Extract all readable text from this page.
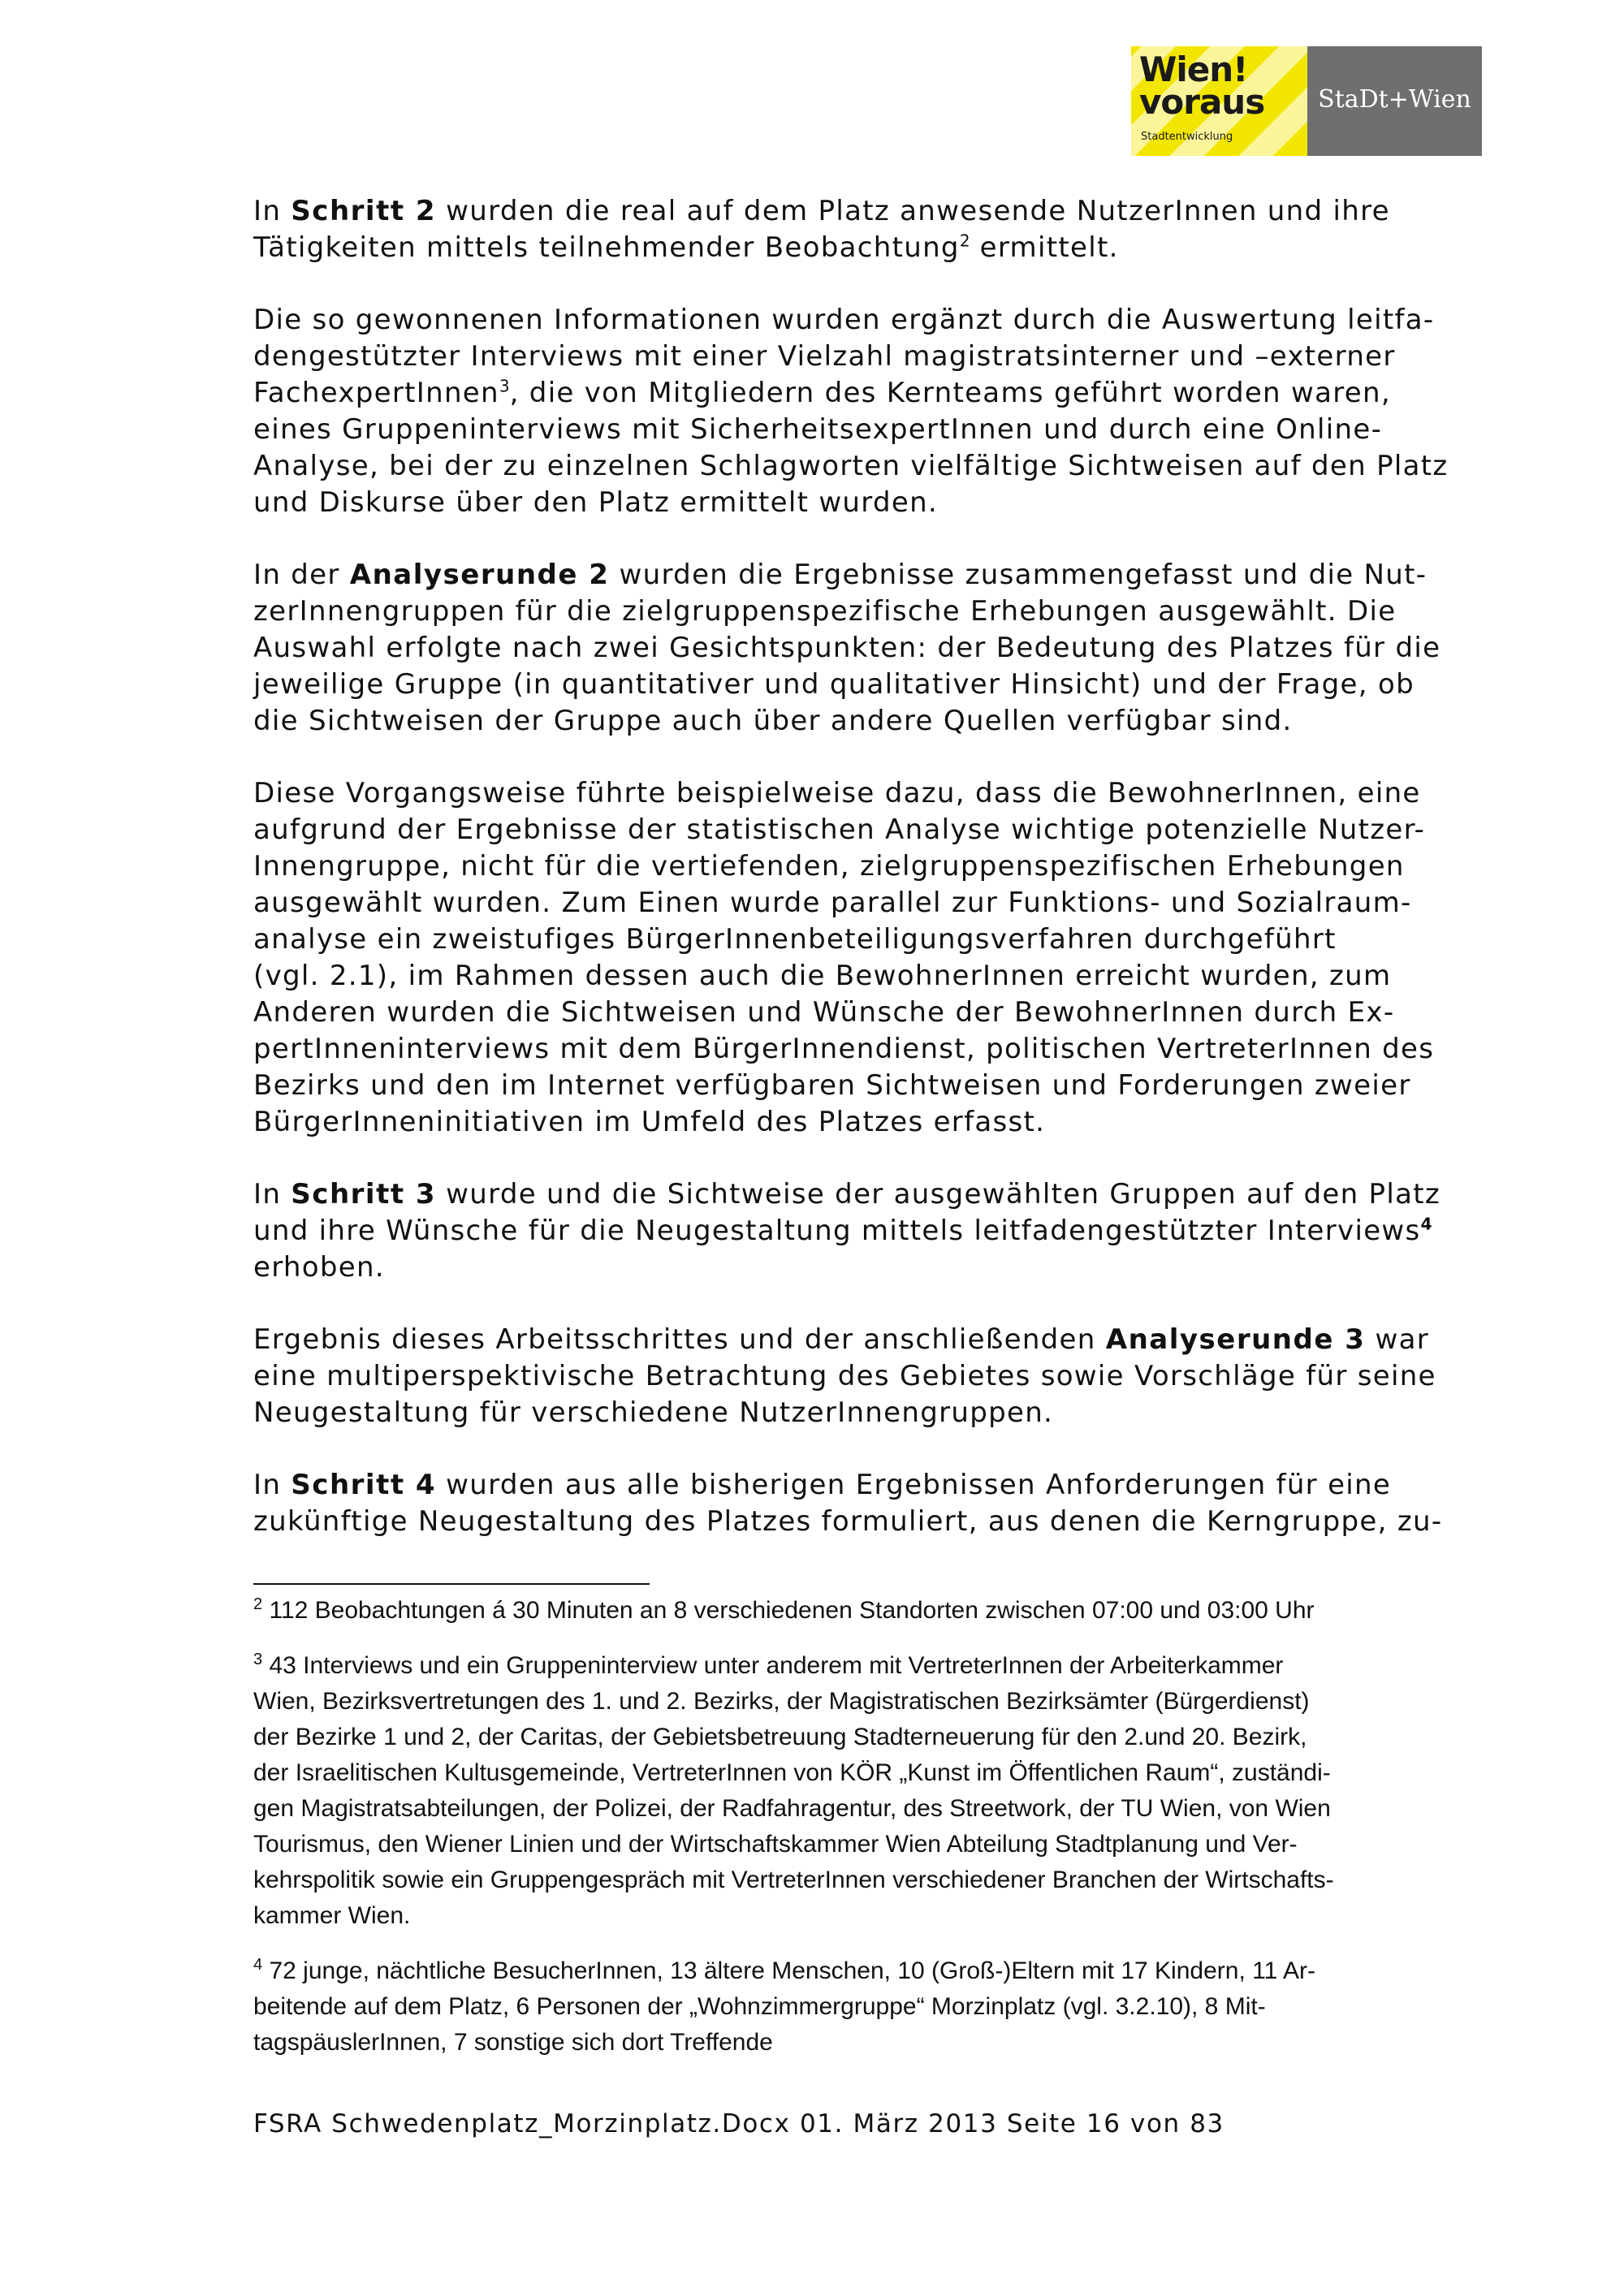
Wien!
voraus
Stadtentwicklung
StaDt+Wien

In Schritt 2 wurden die real auf dem Platz anwesende NutzerInnen und ihre
Tätigkeiten mittels teilnehmender Beobachtung$^2$ ermittelt.

Die so gewonnenen Informationen wurden ergänzt durch die Auswertung leitfa-
dengestützter Interviews mit einer Vielzahl magistratsinterner und –externer
FachexpertInnen$^3$, die von Mitgliedern des Kernteams geführt worden waren,
eines Gruppeninterviews mit SicherheitsexpertInnen und durch eine Online-
Analyse, bei der zu einzelnen Schlagworten vielfältige Sichtweisen auf den Platz
und Diskurse über den Platz ermittelt wurden.

In der Analyserunde 2 wurden die Ergebnisse zusammengefasst und die Nut-
zerInnengruppen für die zielgruppenspezifische Erhebungen ausgewählt. Die
Auswahl erfolgte nach zwei Gesichtspunkten: der Bedeutung des Platzes für die
jeweilige Gruppe (in quantitativer und qualitativer Hinsicht) und der Frage, ob
die Sichtweisen der Gruppe auch über andere Quellen verfügbar sind.

Diese Vorgangsweise führte beispielweise dazu, dass die BewohnerInnen, eine
aufgrund der Ergebnisse der statistischen Analyse wichtige potenzielle Nutzer-
Innengruppe, nicht für die vertiefenden, zielgruppenspezifischen Erhebungen
ausgewählt wurden. Zum Einen wurde parallel zur Funktions- und Sozialraum-
analyse ein zweistufiges BürgerInnenbeteiligungsverfahren durchgeführt
(vgl. 2.1), im Rahmen dessen auch die BewohnerInnen erreicht wurden, zum
Anderen wurden die Sichtweisen und Wünsche der BewohnerInnen durch Ex-
pertInneninterviews mit dem BürgerInnendienst, politischen VertreterInnen des
Bezirks und den im Internet verfügbaren Sichtweisen und Forderungen zweier
BürgerInneninitiativen im Umfeld des Platzes erfasst.

In Schritt 3 wurde und die Sichtweise der ausgewählten Gruppen auf den Platz
und ihre Wünsche für die Neugestaltung mittels leitfadengestützter Interviews$^4$
erhoben.

Ergebnis dieses Arbeitsschrittes und der anschließenden Analyserunde 3 war
eine multiperspektivische Betrachtung des Gebietes sowie Vorschläge für seine
Neugestaltung für verschiedene NutzerInnengruppen.

In Schritt 4 wurden aus alle bisherigen Ergebnissen Anforderungen für eine
zukünftige Neugestaltung des Platzes formuliert, aus denen die Kerngruppe, zu-

$^2$ 112 Beobachtungen á 30 Minuten an 8 verschiedenen Standorten zwischen 07:00 und 03:00 Uhr

$^3$ 43 Interviews und ein Gruppeninterview unter anderem mit VertreterInnen der Arbeiterkammer
Wien, Bezirksvertretungen des 1. und 2. Bezirks, der Magistratischen Bezirksämter (Bürgerdienst)
der Bezirke 1 und 2, der Caritas, der Gebietsbetreuung Stadterneuerung für den 2.und 20. Bezirk,
der Israelitischen Kultusgemeinde, VertreterInnen von KÖR „Kunst im Öffentlichen Raum“, zuständi-
gen Magistratsabteilungen, der Polizei, der Radfahragentur, des Streetwork, der TU Wien, von Wien
Tourismus, den Wiener Linien und der Wirtschaftskammer Wien Abteilung Stadtplanung und Ver-
kehrspolitik sowie ein Gruppengespräch mit VertreterInnen verschiedener Branchen der Wirtschafts-
kammer Wien.

$^4$ 72 junge, nächtliche BesucherInnen, 13 ältere Menschen, 10 (Groß-)Eltern mit 17 Kindern, 11 Ar-
beitende auf dem Platz, 6 Personen der „Wohnzimmergruppe“ Morzinplatz (vgl. 3.2.10), 8 Mit-
tagspäuslerInnen, 7 sonstige sich dort Treffende

FSRA Schwedenplatz_Morzinplatz.Docx 01. März 2013 Seite 16 von 83
